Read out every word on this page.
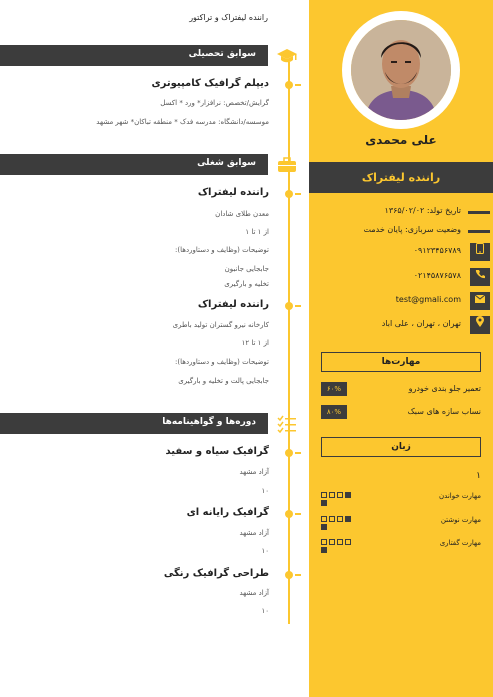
علی محمدی
راننده لیفتراک
تاریخ تولد: ۱۳۶۵/۰۲/۰۲
وضعیت سربازی: پایان خدمت
۰۹۱۲۳۴۵۶۷۸۹
۰۲۱۴۵۸۷۶۵۷۸
test@gmali.com
تهران ، تهران ، علی اباد
مهارت‌ها
تعمیر جلو بندی خودرو
۶۰%
نساب سازه های سبک
۸۰%
زبان
۱
مهارت خواندن
مهارت نوشتن
مهارت گفتاری
راننده لیفتراک و تراکتور
سوابق تحصیلی
دیپلم گرافیک کامپیوتری
گرایش/تخصص: نرافزار* ورد * اکسل
موسسه/دانشگاه: مدرسه فدک * منطقه تباکان* شهر مشهد
سوابق شغلی
راننده لیفتراک
معدن طلای شادان
از ۱ تا ۱
توضیحات (وظایف و دستاوردها):
جابجایی جانبون
تخلیه و بارگیری
راننده لیفتراک
کارخانه نیرو گستران تولید باطری
از ۱ تا ۱۲
توضیحات (وظایف و دستاوردها):
جابجایی پالت و تخلیه و بارگیری
دوره‌ها و گواهینامه‌ها
گرافیک سیاه و سفید
آزاد مشهد
۱۰
گرافیک رایانه ای
آزاد مشهد
۱۰
طراحی گرافیک رنگی
آزاد مشهد
۱۰
